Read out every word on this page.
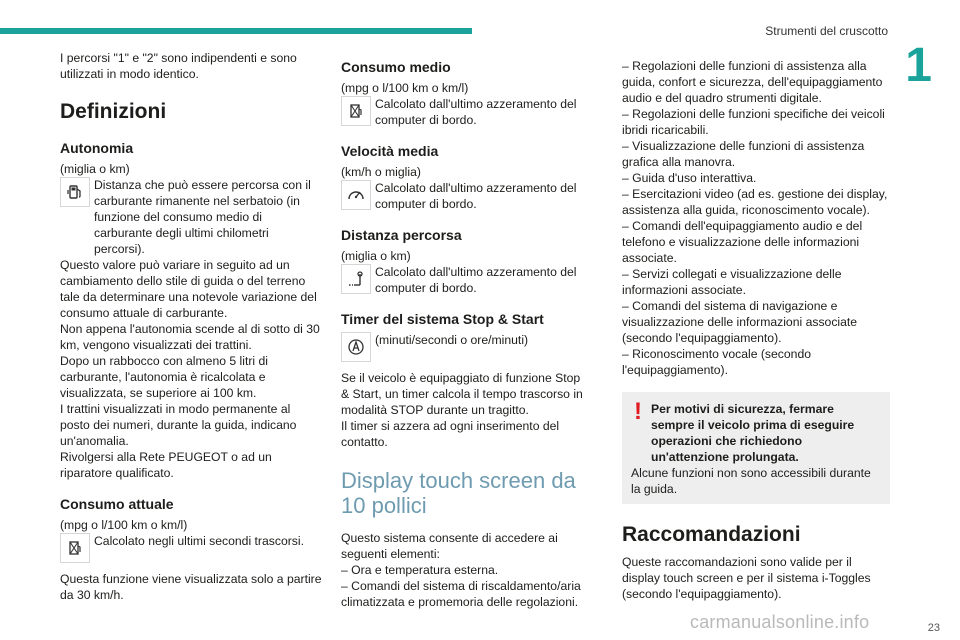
Strumenti del cruscotto
1

I percorsi "1" e "2" sono indipendenti e sono utilizzati in modo identico.

Definizioni
Autonomia

(miglia o km)

Distanza che può essere percorsa con il carburante rimanente nel serbatoio (in funzione del consumo medio di carburante degli ultimi chilometri percorsi).

Questo valore può variare in seguito ad un cambiamento dello stile di guida o del terreno tale da determinare una notevole variazione del consumo attuale di carburante.

Non appena l'autonomia scende al di sotto di 30 km, vengono visualizzati dei trattini.

Dopo un rabbocco con almeno 5 litri di carburante, l'autonomia è ricalcolata e visualizzata, se superiore ai 100 km.

I trattini visualizzati in modo permanente al posto dei numeri, durante la guida, indicano un'anomalia.

Rivolgersi alla Rete PEUGEOT o ad un riparatore qualificato.

Consumo attuale

(mpg o l/100 km o km/l)

Calcolato negli ultimi secondi trascorsi.

Questa funzione viene visualizzata solo a partire da 30 km/h.

Consumo medio

(mpg o l/100 km o km/l)

Calcolato dall'ultimo azzeramento del computer di bordo.

Velocità media

(km/h o miglia)

Calcolato dall'ultimo azzeramento del computer di bordo.

Distanza percorsa

(miglia o km)

Calcolato dall'ultimo azzeramento del computer di bordo.

Timer del sistema Stop & Start

(minuti/secondi o ore/minuti)

Se il veicolo è equipaggiato di funzione Stop & Start, un timer calcola il tempo trascorso in modalità STOP durante un tragitto.

Il timer si azzera ad ogni inserimento del contatto.

Display touch screen da 10 pollici

Questo sistema consente di accedere ai seguenti elementi:

– Ora e temperatura esterna.

– Comandi del sistema di riscaldamento/aria climatizzata e promemoria delle regolazioni.

– Regolazioni delle funzioni di assistenza alla guida, confort e sicurezza, dell'equipaggiamento audio e del quadro strumenti digitale.

– Regolazioni delle funzioni specifiche dei veicoli ibridi ricaricabili.

– Visualizzazione delle funzioni di assistenza grafica alla manovra.

– Guida d'uso interattiva.

– Esercitazioni video (ad es. gestione dei display, assistenza alla guida, riconoscimento vocale).

– Comandi dell'equipaggiamento audio e del telefono e visualizzazione delle informazioni associate.

– Servizi collegati e visualizzazione delle informazioni associate.

– Comandi del sistema di navigazione e visualizzazione delle informazioni associate (secondo l'equipaggiamento).

– Riconoscimento vocale (secondo l'equipaggiamento).

! Per motivi di sicurezza, fermare sempre il veicolo prima di eseguire operazioni che richiedono un'attenzione prolungata.
Alcune funzioni non sono accessibili durante la guida.
Raccomandazioni

Queste raccomandazioni sono valide per il display touch screen e per il sistema i-Toggles (secondo l'equipaggiamento).

carmanualsonline.info	23
